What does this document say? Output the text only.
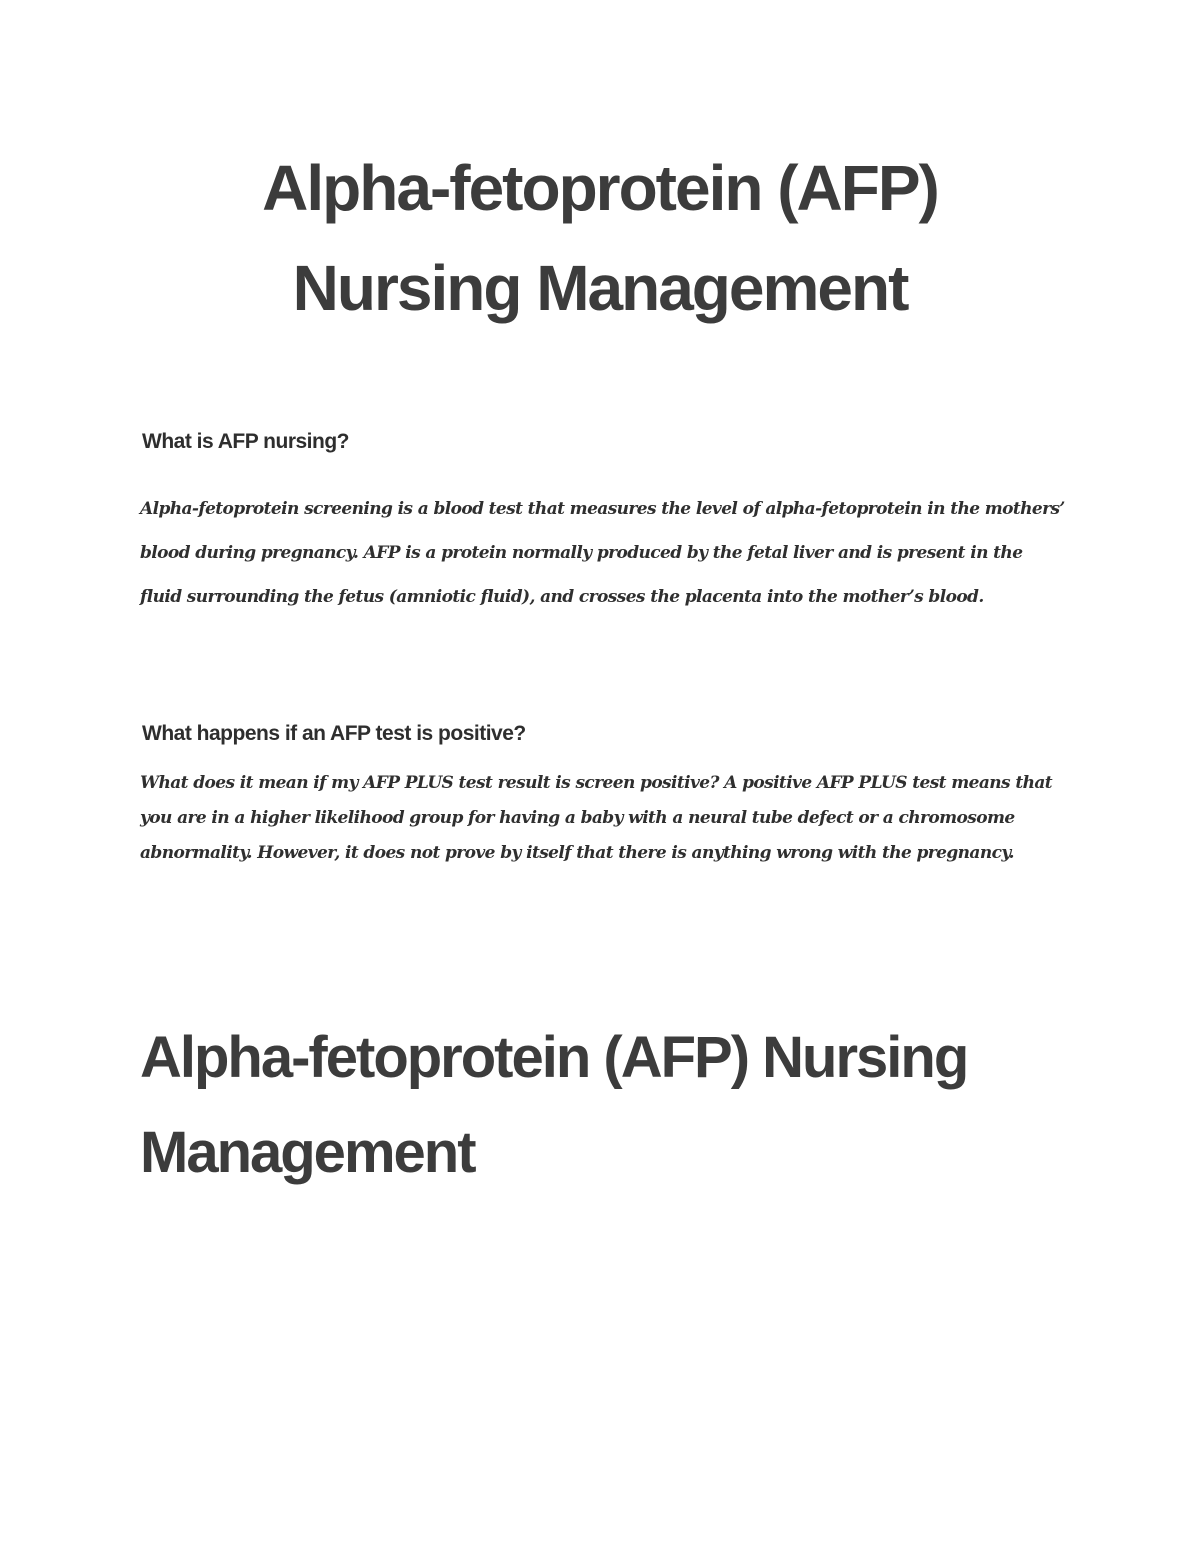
Alpha-fetoprotein (AFP) Nursing Management
What is AFP nursing?

Alpha-fetoprotein screening is a blood test that measures the level of alpha-fetoprotein in the mothers’ blood during pregnancy. AFP is a protein normally produced by the fetal liver and is present in the fluid surrounding the fetus (amniotic fluid), and crosses the placenta into the mother’s blood.

What happens if an AFP test is positive?

What does it mean if my AFP PLUS test result is screen positive? A positive AFP PLUS test means that you are in a higher likelihood group for having a baby with a neural tube defect or a chromosome abnormality. However, it does not prove by itself that there is anything wrong with the pregnancy.

Alpha-fetoprotein (AFP) Nursing Management
